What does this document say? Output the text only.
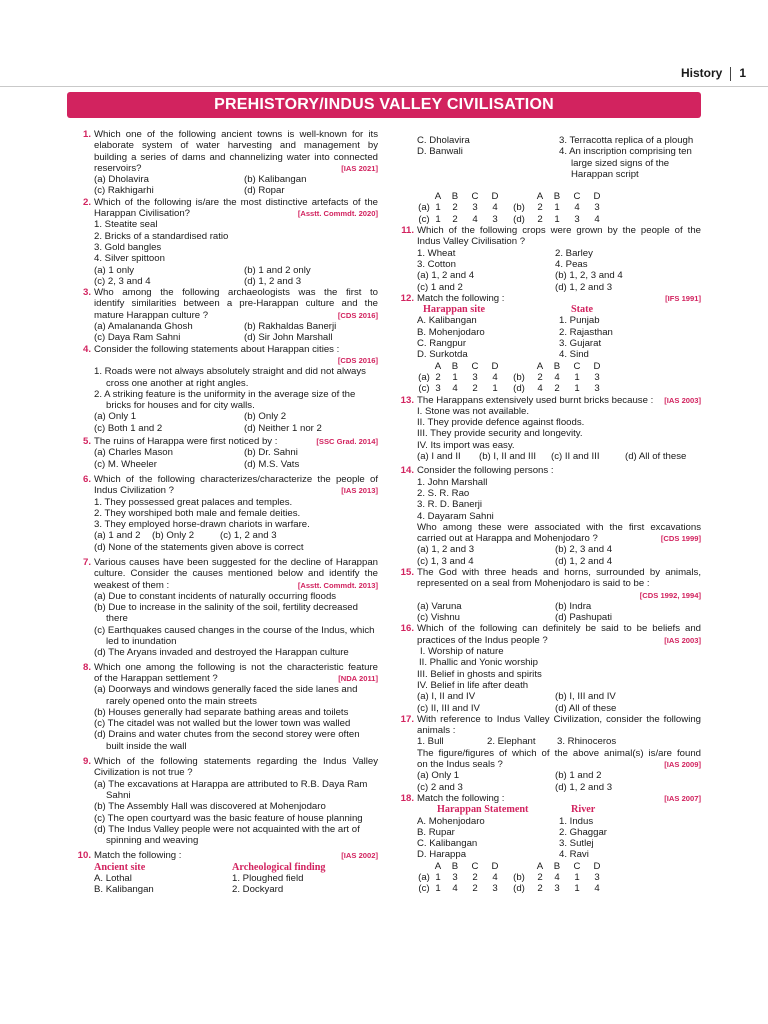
History 1
PREHISTORY/INDUS VALLEY CIVILISATION
1. Which one of the following ancient towns is well-known for its
elaborate system of water harvesting and management by
building a series of dams and channelizing water into connected
reservoirs?	[IAS 2021]
(a) Dholavira	(b) Kalibangan
(c) Rakhigarhi	(d) Ropar
2. Which of the following is/are the most distinctive artefacts of the
Harappan Civilisation?	[Asstt. Commdt. 2020]
1. Steatite seal
2. Bricks of a standardised ratio
3. Gold bangles
4. Silver spittoon
(a) 1 only	(b) 1 and 2 only
(c) 2, 3 and 4	(d) 1, 2 and 3
3. Who among the following archaeologists was the first to
identify similarities between a pre-Harappan culture and the
mature Harappan culture ?	[CDS 2016]
(a) Amalananda Ghosh	(b) Rakhaldas Banerji
(c) Daya Ram Sahni	(d) Sir John Marshall
4. Consider the following statements about Harappan cities :
[CDS 2016]
1. Roads were not always absolutely straight and did not always cross one another at right angles.
2. A striking feature is the uniformity in the average size of the bricks for houses and for city walls.
(a) Only 1	(b) Only 2
(c) Both 1 and 2	(d) Neither 1 nor 2
5. The ruins of Harappa were first noticed by :	[SSC Grad. 2014]
(a) Charles Mason	(b) Dr. Sahni
(c) M. Wheeler	(d) M.S. Vats
6. Which of the following characterizes/characterize the people of
Indus Civilization ?	[IAS 2013]
1. They possessed great palaces and temples.
2. They worshiped both male and female deities.
3. They employed horse-drawn chariots in warfare.
(a) 1 and 2	(b) Only 2	(c) 1, 2 and 3
(d) None of the statements given above is correct
7. Various causes have been suggested for the decline of Harappan
culture. Consider the causes mentioned below and identify the
weakest of them :	[Asstt. Commdt. 2013]
(a) Due to constant incidents of naturally occurring floods
(b) Due to increase in the salinity of the soil, fertility decreased there
(c) Earthquakes caused changes in the course of the Indus, which led to inundation
(d) The Aryans invaded and destroyed the Harappan culture
8. Which one among the following is not the characteristic feature
of the Harappan settlement ?	[NDA 2011]
(a) Doorways and windows generally faced the side lanes and rarely opened onto the main streets
(b) Houses generally had separate bathing areas and toilets
(c) The citadel was not walled but the lower town was walled
(d) Drains and water chutes from the second storey were often built inside the wall
9. Which of the following statements regarding the Indus Valley
Civilization is not true ?
(a) The excavations at Harappa are attributed to R.B. Daya Ram Sahni
(b) The Assembly Hall was discovered at Mohenjodaro
(c) The open courtyard was the basic feature of house planning
(d) The Indus Valley people were not acquainted with the art of spinning and weaving
10. Match the following :	[IAS 2002]
Ancient site	Archeological finding
A. Lothal	1. Ploughed field
B. Kalibangan	2. Dockyard
C. Dholavira	3. Terracotta replica of a plough
D. Banwali	4. An inscription comprising ten large sized signs of the Harappan script
A	B	C	D	A	B	C	D
(a) 1	2	3	4	(b)	2	1	4	3
(c) 1	2	4	3	(d)	2	1	3	4
11. Which of the following crops were grown by the people of the
Indus Valley Civilisation ?
1. Wheat	2. Barley
3. Cotton	4. Peas
(a) 1, 2 and 4	(b) 1, 2, 3 and 4
(c) 1 and 2	(d) 1, 2 and 3
12. Match the following :	[IFS 1991]
Harappan site	State
A. Kalibangan	1. Punjab
B. Mohenjodaro	2. Rajasthan
C. Rangpur	3. Gujarat
D. Surkotda	4. Sind
A	B	C	D	A	B	C	D
(a) 2	1	3	4	(b)	2	4	1	3
(c) 3	4	2	1	(d)	4	2	1	3
13. The Harappans extensively used burnt bricks because : [IAS 2003]
I. Stone was not available.
II. They provide defence against floods.
III. They provide security and longevity.
IV. Its import was easy.
(a) I and II	(b) I, II and III	(c) II and III	(d) All of these
14. Consider the following persons :
1. John Marshall
2. S. R. Rao
3. R. D. Banerji
4. Dayaram Sahni
Who among these were associated with the first excavations
carried out at Harappa and Mohenjodaro ?	[CDS 1999]
(a) 1, 2 and 3	(b) 2, 3 and 4
(c) 1, 3 and 4	(d) 1, 2 and 4
15. The God with three heads and horns, surrounded by animals,
represented on a seal from Mohenjodaro is said to be :
[CDS 1992, 1994]
(a) Varuna	(b) Indra
(c) Vishnu	(d) Pashupati
16. Which of the following can definitely be said to be beliefs and
practices of the Indus people ?	[IAS 2003]
I. Worship of nature
II. Phallic and Yonic worship
III. Belief in ghosts and spirits
IV. Belief in life after death
(a) I, II and IV	(b) I, III and IV
(c) II, III and IV	(d) All of these
17. With reference to Indus Valley Civilization, consider the following
animals :
1. Bull	2. Elephant	3. Rhinoceros
The figure/figures of which of the above animal(s) is/are found
on the Indus seals ?	[IAS 2009]
(a) Only 1	(b) 1 and 2
(c) 2 and 3	(d) 1, 2 and 3
18. Match the following :	[IAS 2007]
Harappan Statement	River
A. Mohenjodaro	1. Indus
B. Rupar	2. Ghaggar
C. Kalibangan	3. Sutlej
D. Harappa	4. Ravi
A	B	C	D	A	B	C	D
(a) 1	3	2	4	(b)	2	4	1	3
(c) 1	4	2	3	(d)	2	3	1	4
